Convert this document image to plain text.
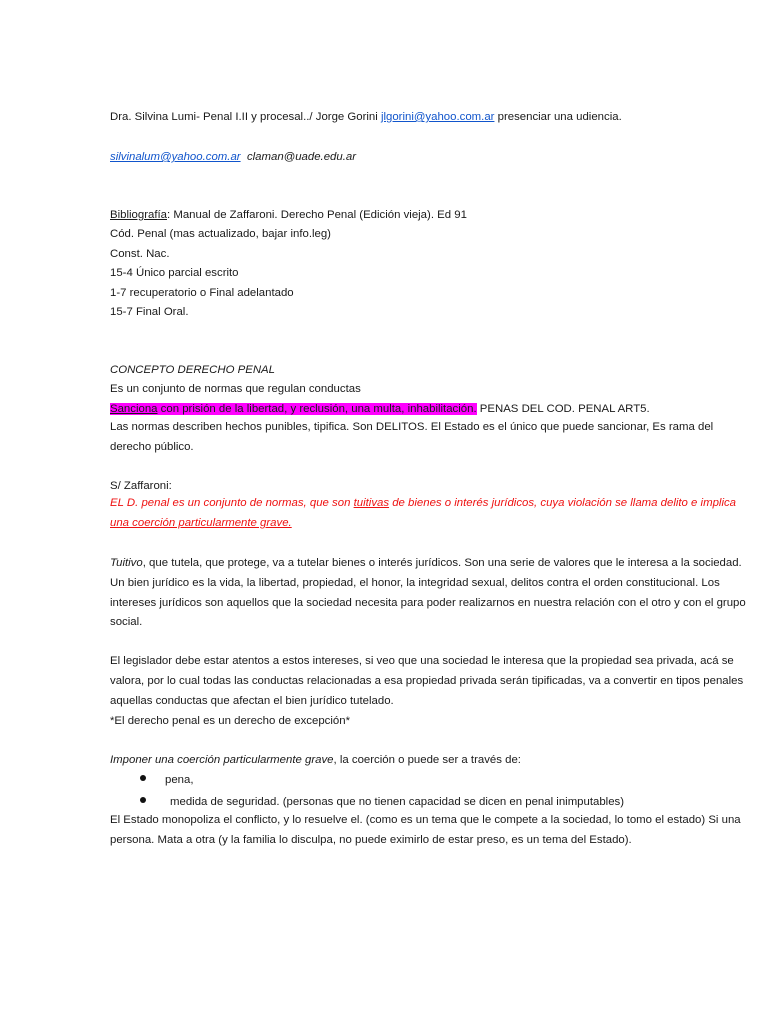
Dra. Silvina Lumi- Penal I.II y procesal../ Jorge Gorini jlgorini@yahoo.com.ar presenciar una udiencia.
silvinalum@yahoo.com.ar claman@uade.edu.ar
Bibliografía: Manual de Zaffaroni. Derecho Penal (Edición vieja). Ed 91
Cód. Penal (mas actualizado, bajar info.leg)
Const. Nac.
15-4 Único parcial escrito
1-7 recuperatorio o Final adelantado
15-7 Final Oral.
CONCEPTO DERECHO PENAL
Es un conjunto de normas que regulan conductas
Sanciona con prisión de la libertad, y reclusión, una multa, inhabilitación. PENAS DEL COD. PENAL ART5.
Las normas describen hechos punibles, tipifica. Son DELITOS. El Estado es el único que puede sancionar, Es rama del derecho público.
S/ Zaffaroni:
EL D. penal es un conjunto de normas, que son tuitivas de bienes o interés jurídicos, cuya violación se llama delito e implica una coerción particularmente grave.
Tuitivo, que tutela, que protege, va a tutelar bienes o interés jurídicos. Son una serie de valores que le interesa a la sociedad. Un bien jurídico es la vida, la libertad, propiedad, el honor, la integridad sexual, delitos contra el orden constitucional. Los intereses jurídicos son aquellos que la sociedad necesita para poder realizarnos en nuestra relación con el otro y con el grupo social.
El legislador debe estar atentos a estos intereses, si veo que una sociedad le interesa que la propiedad sea privada, acá se valora, por lo cual todas las conductas relacionadas a esa propiedad privada serán tipificadas, va a convertir en tipos penales aquellas conductas que afectan el bien jurídico tutelado.
*El derecho penal es un derecho de excepción*
Imponer una coerción particularmente grave, la coerción o puede ser a través de:
pena,
medida de seguridad. (personas que no tienen capacidad se dicen en penal inimputables)
El Estado monopoliza el conflicto, y lo resuelve el. (como es un tema que le compete a la sociedad, lo tomo el estado) Si una persona. Mata a otra (y la familia lo disculpa, no puede eximirlo de estar preso, es un tema del Estado).
